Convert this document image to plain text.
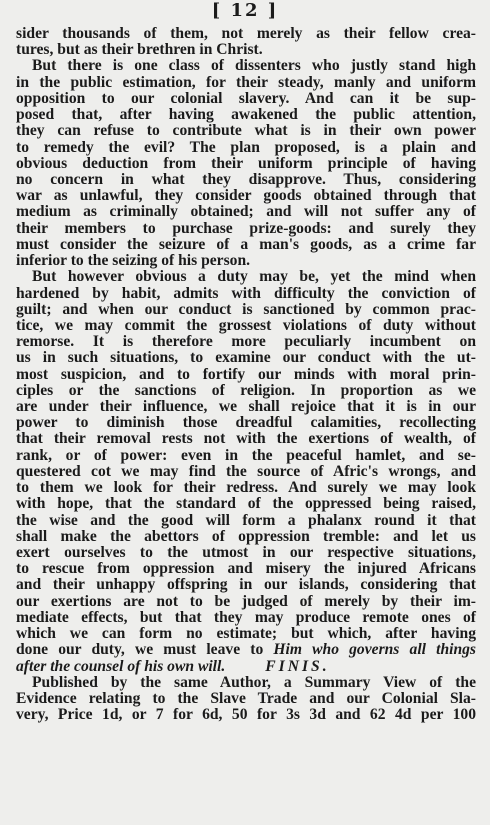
[ 12 ]
sider thousands of them, not merely as their fellow crea-
tures, but as their brethren in Christ.
But there is one class of dissenters who justly stand high
in the public estimation, for their steady, manly and uniform
opposition to our colonial slavery. And can it be sup-
posed that, after having awakened the public attention,
they can refuse to contribute what is in their own power
to remedy the evil? The plan proposed, is a plain and
obvious deduction from their uniform principle of having
no concern in what they disapprove. Thus, considering
war as unlawful, they consider goods obtained through that
medium as criminally obtained; and will not suffer any of
their members to purchase prize-goods: and surely they
must consider the seizure of a man's goods, as a crime far
inferior to the seizing of his person.
But however obvious a duty may be, yet the mind when
hardened by habit, admits with difficulty the conviction of
guilt; and when our conduct is sanctioned by common prac-
tice, we may commit the grossest violations of duty without
remorse. It is therefore more peculiarly incumbent on
us in such situations, to examine our conduct with the ut-
most suspicion, and to fortify our minds with moral prin-
ciples or the sanctions of religion. In proportion as we
are under their influence, we shall rejoice that it is in our
power to diminish those dreadful calamities, recollecting
that their removal rests not with the exertions of wealth, of
rank, or of power: even in the peaceful hamlet, and se-
questered cot we may find the source of Afric's wrongs, and
to them we look for their redress. And surely we may look
with hope, that the standard of the oppressed being raised,
the wise and the good will form a phalanx round it that
shall make the abettors of oppression tremble: and let us
exert ourselves to the utmost in our respective situations,
to rescue from oppression and misery the injured Africans
and their unhappy offspring in our islands, considering that
our exertions are not to be judged of merely by their im-
mediate effects, but that they may produce remote ones of
which we can form no estimate; but which, after having
done our duty, we must leave to Him who governs all things
after the counsel of his own will.	FINIS.
Published by the same Author, a Summary View of the
Evidence relating to the Slave Trade and our Colonial Sla-
very, Price 1d, or 7 for 6d, 50 for 3s 3d and 62 4d per 100
